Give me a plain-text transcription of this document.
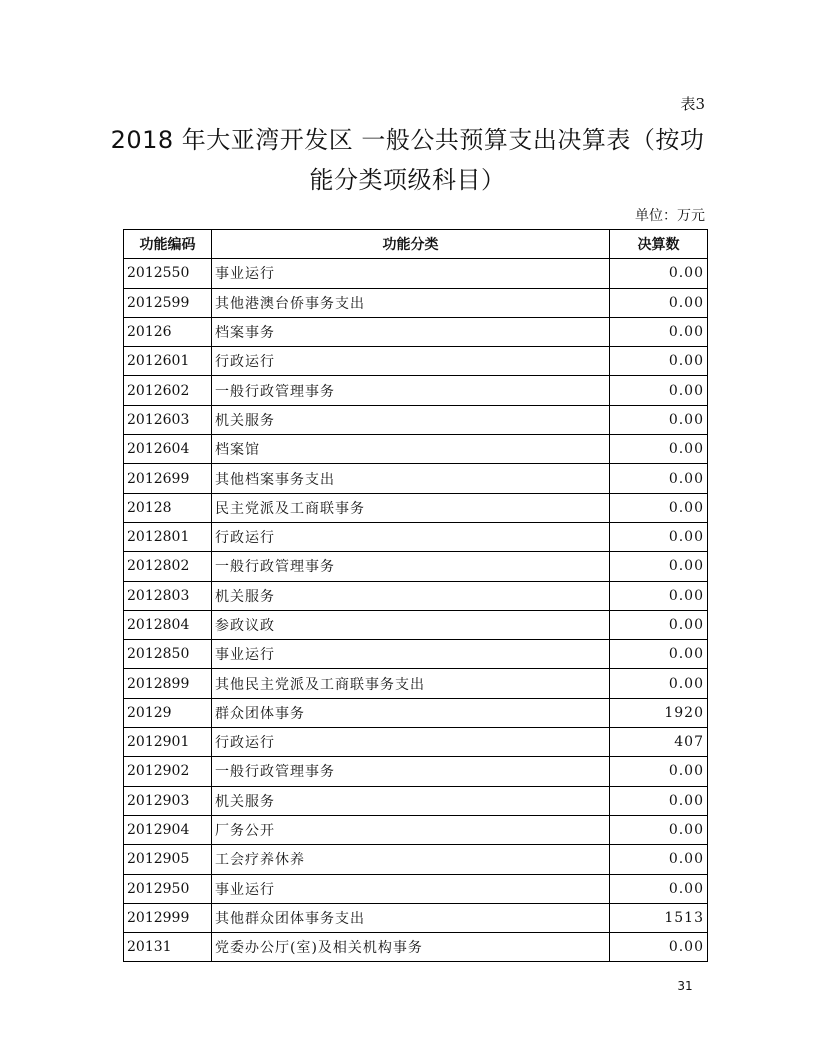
表3
2018 年大亚湾开发区 一般公共预算支出决算表（按功
能分类项级科目）
单位：万元
功能编码	功能分类	决算数
2012550	事业运行	0.00
2012599	其他港澳台侨事务支出	0.00
20126	档案事务	0.00
2012601	行政运行	0.00
2012602	一般行政管理事务	0.00
2012603	机关服务	0.00
2012604	档案馆	0.00
2012699	其他档案事务支出	0.00
20128	民主党派及工商联事务	0.00
2012801	行政运行	0.00
2012802	一般行政管理事务	0.00
2012803	机关服务	0.00
2012804	参政议政	0.00
2012850	事业运行	0.00
2012899	其他民主党派及工商联事务支出	0.00
20129	群众团体事务	1920
2012901	行政运行	407
2012902	一般行政管理事务	0.00
2012903	机关服务	0.00
2012904	厂务公开	0.00
2012905	工会疗养休养	0.00
2012950	事业运行	0.00
2012999	其他群众团体事务支出	1513
20131	党委办公厅(室)及相关机构事务	0.00
31
